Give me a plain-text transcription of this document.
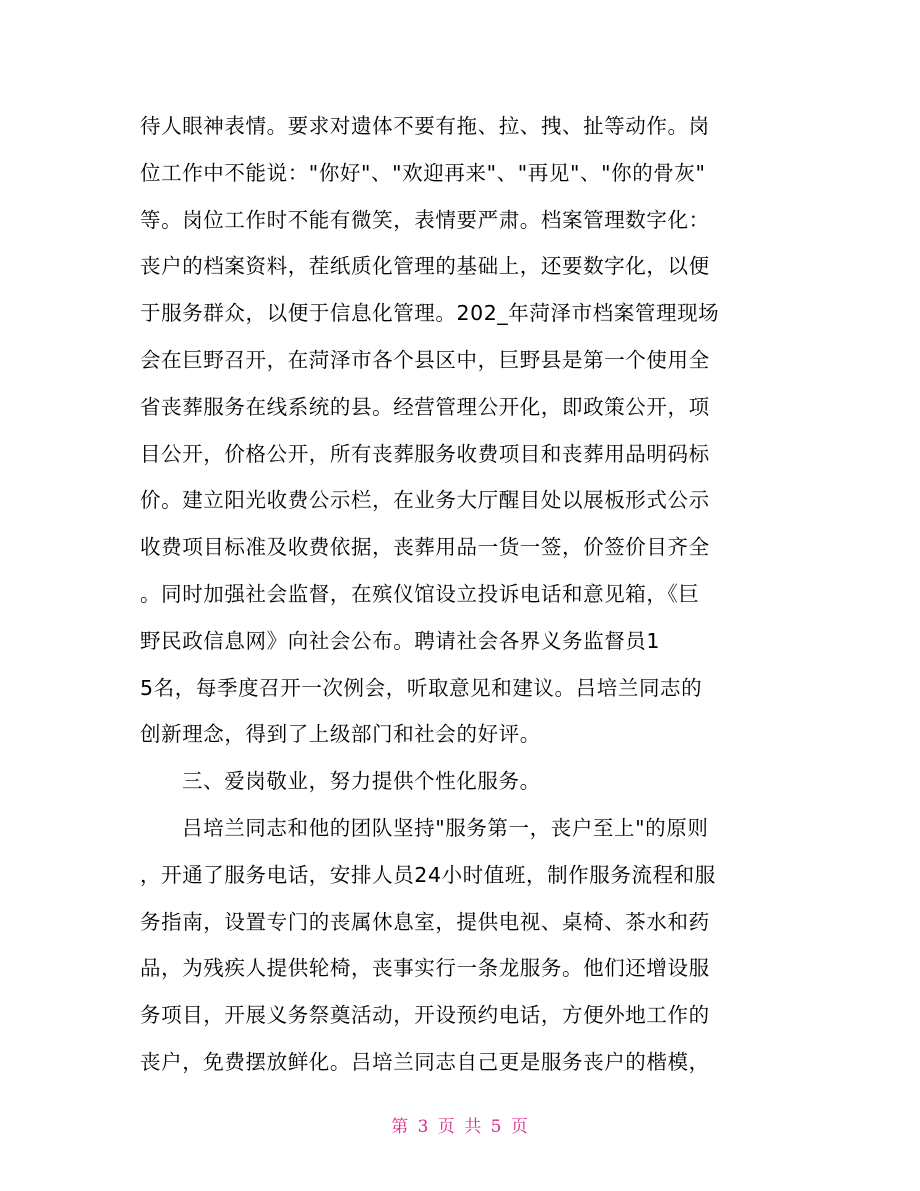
待人眼神表情。要求对遗体不要有拖、拉、拽、扯等动作。岗
位工作中不能说："你好"、"欢迎再来"、"再见"、"你的骨灰"
等。岗位工作时不能有微笑，表情要严肃。档案管理数字化：
丧户的档案资料，茬纸质化管理的基础上，还要数字化，以便
于服务群众，以便于信息化管理。202_年菏泽市档案管理现场
会在巨野召开，在菏泽市各个县区中，巨野县是第一个使用全
省丧葬服务在线系统的县。经营管理公开化，即政策公开，项
目公开，价格公开，所有丧葬服务收费项目和丧葬用品明码标
价。建立阳光收费公示栏，在业务大厅醒目处以展板形式公示
收费项目标准及收费依据，丧葬用品一货一签，价签价目齐全
。同时加强社会监督，在殡仪馆设立投诉电话和意见箱，《巨
野民政信息网》向社会公布。聘请社会各界义务监督员1
5名，每季度召开一次例会，听取意见和建议。吕培兰同志的
创新理念，得到了上级部门和社会的好评。
三、爱岗敬业，努力提供个性化服务。
吕培兰同志和他的团队坚持"服务第一，丧户至上"的原则
，开通了服务电话，安排人员24小时值班，制作服务流程和服
务指南，设置专门的丧属休息室，提供电视、桌椅、茶水和药
品，为残疾人提供轮椅，丧事实行一条龙服务。他们还增设服
务项目，开展义务祭奠活动，开设预约电话，方便外地工作的
丧户，免费摆放鲜化。吕培兰同志自己更是服务丧户的楷模，
第 3 页 共 5 页
